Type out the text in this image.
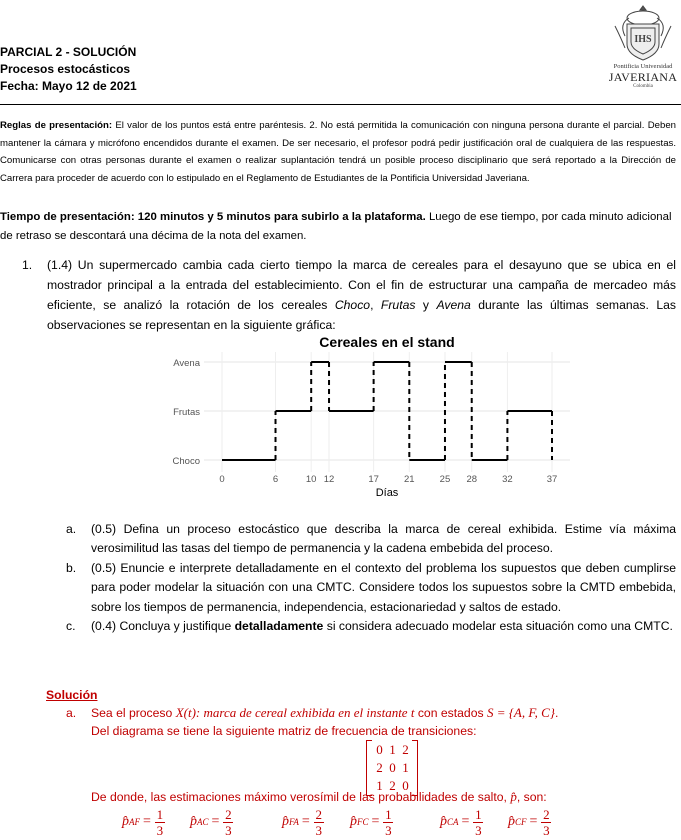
PARCIAL 2 - SOLUCIÓN
Procesos estocásticos
Fecha: Mayo 12 de 2021
IHS
Pontificia Universidad
JAVERIANA
Colombia
Reglas de presentación: El valor de los puntos está entre paréntesis. 2. No está permitida la comunicación con ninguna persona durante el parcial. Deben mantener la cámara y micrófono encendidos durante el examen. De ser necesario, el profesor podrá pedir justificación oral de cualquiera de las respuestas. Comunicarse con otras personas durante el examen o realizar suplantación tendrá un posible proceso disciplinario que será reportado a la Dirección de Carrera para proceder de acuerdo con lo estipulado en el Reglamento de Estudiantes de la Pontificia Universidad Javeriana.
Tiempo de presentación: 120 minutos y 5 minutos para subirlo a la plataforma. Luego de ese tiempo, por cada minuto adicional de retraso se descontará una décima de la nota del examen.
1.	(1.4) Un supermercado cambia cada cierto tiempo la marca de cereales para el desayuno que se ubica en el mostrador principal a la entrada del establecimiento. Con el fin de estructurar una campaña de mercadeo más eficiente, se analizó la rotación de los cereales Choco, Frutas y Avena durante las últimas semanas. Las observaciones se representan en la siguiente gráfica:
Cereales en el stand
Choco
Frutas
Avena
0	6	10 12	17	21	25 28	32	37
Días
a. (0.5) Defina un proceso estocástico que describa la marca de cereal exhibida. Estime vía máxima verosimilitud las tasas del tiempo de permanencia y la cadena embebida del proceso.
b. (0.5) Enuncie e interprete detalladamente en el contexto del problema los supuestos que deben cumplirse para poder modelar la situación con una CMTC. Considere todos los supuestos sobre la CMTD embebida, sobre los tiempos de permanencia, independencia, estacionariedad y saltos de estado.
c. (0.4) Concluya y justifique detalladamente si considera adecuado modelar esta situación como una CMTC.
Solución
a.	Sea el proceso X(t): marca de cereal exhibida en el instante t con estados S = {A, F, C}.
Del diagrama se tiene la siguiente matriz de frecuencia de transiciones:
0	1	2
2	0	1
1	2	0
De donde, las estimaciones máximo verosímil de las probabilidades de salto, p̂, son:
p̂ AF = $\frac{1}{3}$ p̂ AC = $\frac{2}{3}$	p̂ FA = $\frac{2}{3}$ p̂ FC = $\frac{1}{3}$	p̂ CA = $\frac{1}{3}$ p̂ CF = $\frac{2}{3}$
